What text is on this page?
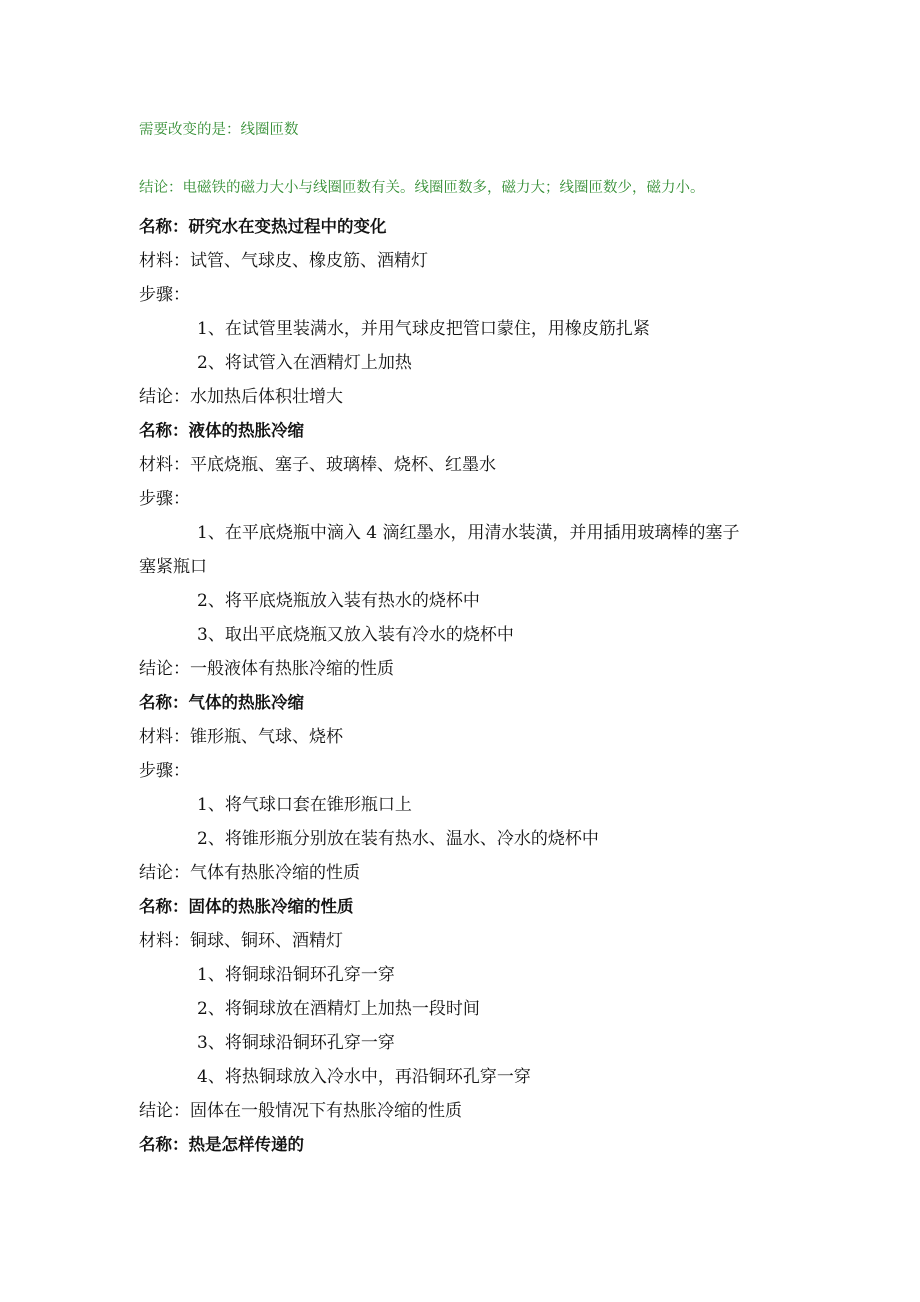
需要改变的是：线圈匝数
结论：电磁铁的磁力大小与线圈匝数有关。线圈匝数多，磁力大；线圈匝数少，磁力小。
名称：研究水在变热过程中的变化
材料：试管、气球皮、橡皮筋、酒精灯
步骤：
1、在试管里装满水，并用气球皮把管口蒙住，用橡皮筋扎紧
2、将试管入在酒精灯上加热
结论：水加热后体积壮增大
名称：液体的热胀冷缩
材料：平底烧瓶、塞子、玻璃棒、烧杯、红墨水
步骤：
1、在平底烧瓶中滴入 4 滴红墨水，用清水装潢，并用插用玻璃棒的塞子
塞紧瓶口
2、将平底烧瓶放入装有热水的烧杯中
3、取出平底烧瓶又放入装有冷水的烧杯中
结论：一般液体有热胀冷缩的性质
名称：气体的热胀冷缩
材料：锥形瓶、气球、烧杯
步骤：
1、将气球口套在锥形瓶口上
2、将锥形瓶分别放在装有热水、温水、冷水的烧杯中
结论：气体有热胀冷缩的性质
名称：固体的热胀冷缩的性质
材料：铜球、铜环、酒精灯
1、将铜球沿铜环孔穿一穿
2、将铜球放在酒精灯上加热一段时间
3、将铜球沿铜环孔穿一穿
4、将热铜球放入冷水中，再沿铜环孔穿一穿
结论：固体在一般情况下有热胀冷缩的性质
名称：热是怎样传递的
